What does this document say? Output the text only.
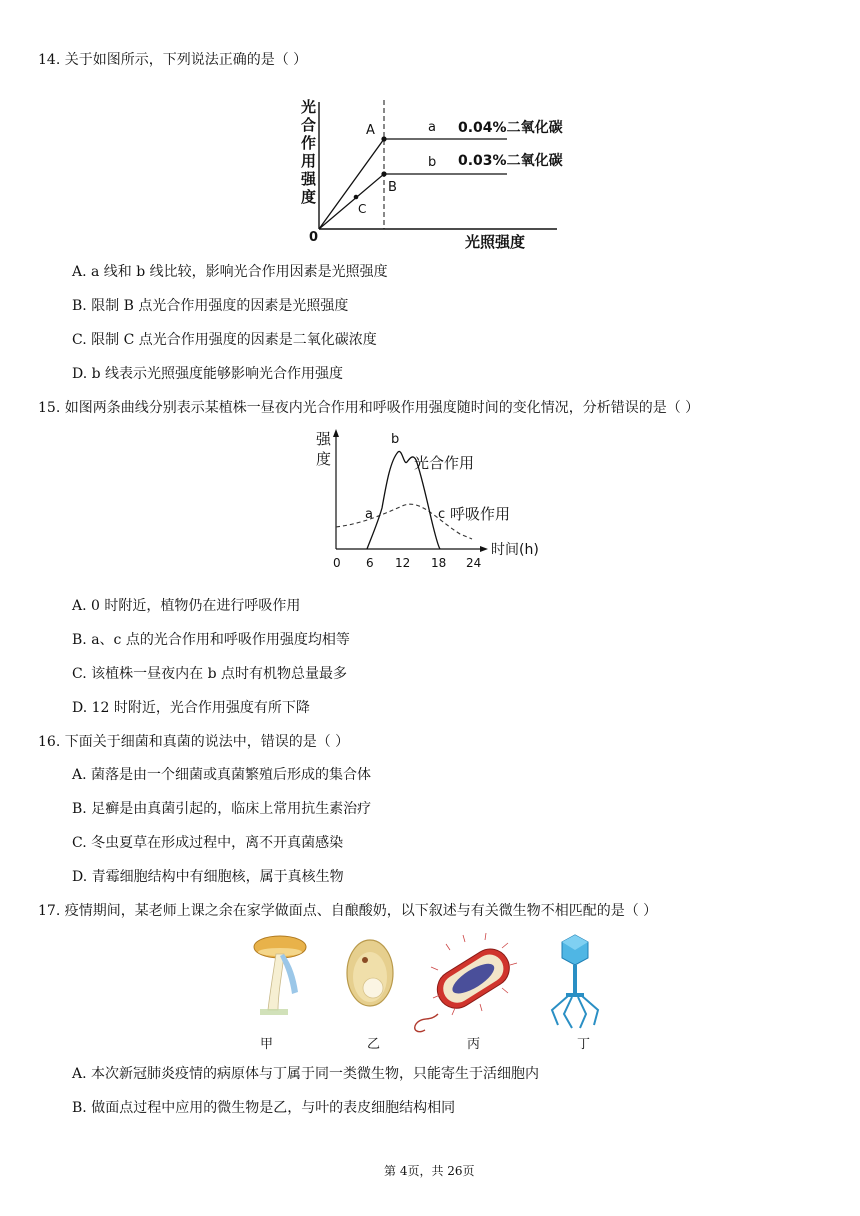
14. 关于如图所示，下列说法正确的是（ ）
光
合
作
用
强
度
0	光照强度
A
B
C
a 0.04%二氧化碳
b 0.03%二氧化碳
A. a 线和 b 线比较，影响光合作用因素是光照强度
B. 限制 B 点光合作用强度的因素是光照强度
C. 限制 C 点光合作用强度的因素是二氧化碳浓度
D. b 线表示光照强度能够影响光合作用强度
15. 如图两条曲线分别表示某植株一昼夜内光合作用和呼吸作用强度随时间的变化情况，分析错误的是（ ）
强
度
时间(h)
0 6 12 18 24
a
b
c
光合作用
呼吸作用
A. 0 时附近，植物仍在进行呼吸作用
B. a、c 点的光合作用和呼吸作用强度均相等
C. 该植株一昼夜内在 b 点时有机物总量最多
D. 12 时附近，光合作用强度有所下降
16. 下面关于细菌和真菌的说法中，错误的是（ ）
A. 菌落是由一个细菌或真菌繁殖后形成的集合体
B. 足癣是由真菌引起的，临床上常用抗生素治疗
C. 冬虫夏草在形成过程中，离不开真菌感染
D. 青霉细胞结构中有细胞核，属于真核生物
17. 疫情期间，某老师上课之余在家学做面点、自酿酸奶，以下叙述与有关微生物不相匹配的是（ ）
甲	乙	丙	丁
A. 本次新冠肺炎疫情的病原体与丁属于同一类微生物，只能寄生于活细胞内
B. 做面点过程中应用的微生物是乙，与叶的表皮细胞结构相同
第 4页，共 26页
